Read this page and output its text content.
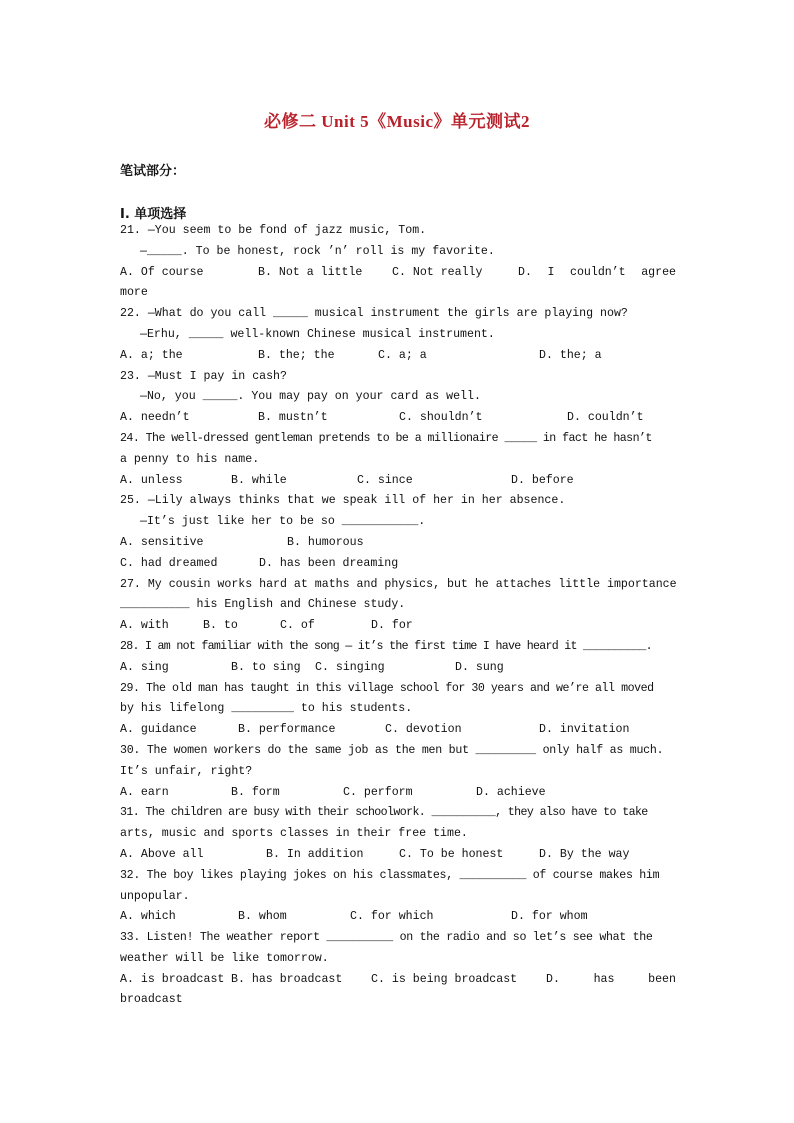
必修二 Unit 5《Music》单元测试2
笔试部分：
I. 单项选择
21. —You seem to be fond of jazz music, Tom.
—_____. To be honest, rock ’n’ roll is my favorite.
A. Of course	B. Not a little	C. Not really	D. I couldn’t agree
more
22. —What do you call _____ musical instrument the girls are playing now?
—Erhu, _____ well-known Chinese musical instrument.
A. a; the	B. the; the	C. a; a	D. the; a
23. —Must I pay in cash?
—No, you _____. You may pay on your card as well.
A. needn’t	B. mustn’t	C. shouldn’t	D. couldn’t
24. The well-dressed gentleman pretends to be a millionaire _____ in fact he hasn’t
a penny to his name.
A. unless	B. while	C. since	D. before
25. —Lily always thinks that we speak ill of her in her absence.
—It’s just like her to be so ___________.
A. sensitive	B. humorous
C. had dreamed	D. has been dreaming
27. My cousin works hard at maths and physics, but he attaches little importance
__________ his English and Chinese study.
A. with	B. to	C. of	D. for
28. I am not familiar with the song — it’s the first time I have heard it __________.
A. sing	B. to sing	C. singing	D. sung
29. The old man has taught in this village school for 30 years and we’re all moved
by his lifelong _________ to his students.
A. guidance	B. performance	C. devotion	D. invitation
30. The women workers do the same job as the men but _________ only half as much.
It’s unfair, right?
A. earn	B. form	C. perform	D. achieve
31. The children are busy with their schoolwork. __________, they also have to take
arts, music and sports classes in their free time.
A. Above all	B. In addition	C. To be honest	D. By the way
32. The boy likes playing jokes on his classmates, __________ of course makes him
unpopular.
A. which	B. whom	C. for which	D. for whom
33. Listen! The weather report __________ on the radio and so let’s see what the
weather will be like tomorrow.
A. is broadcast B. has broadcast	C. is being broadcast	D.	has	been
broadcast
